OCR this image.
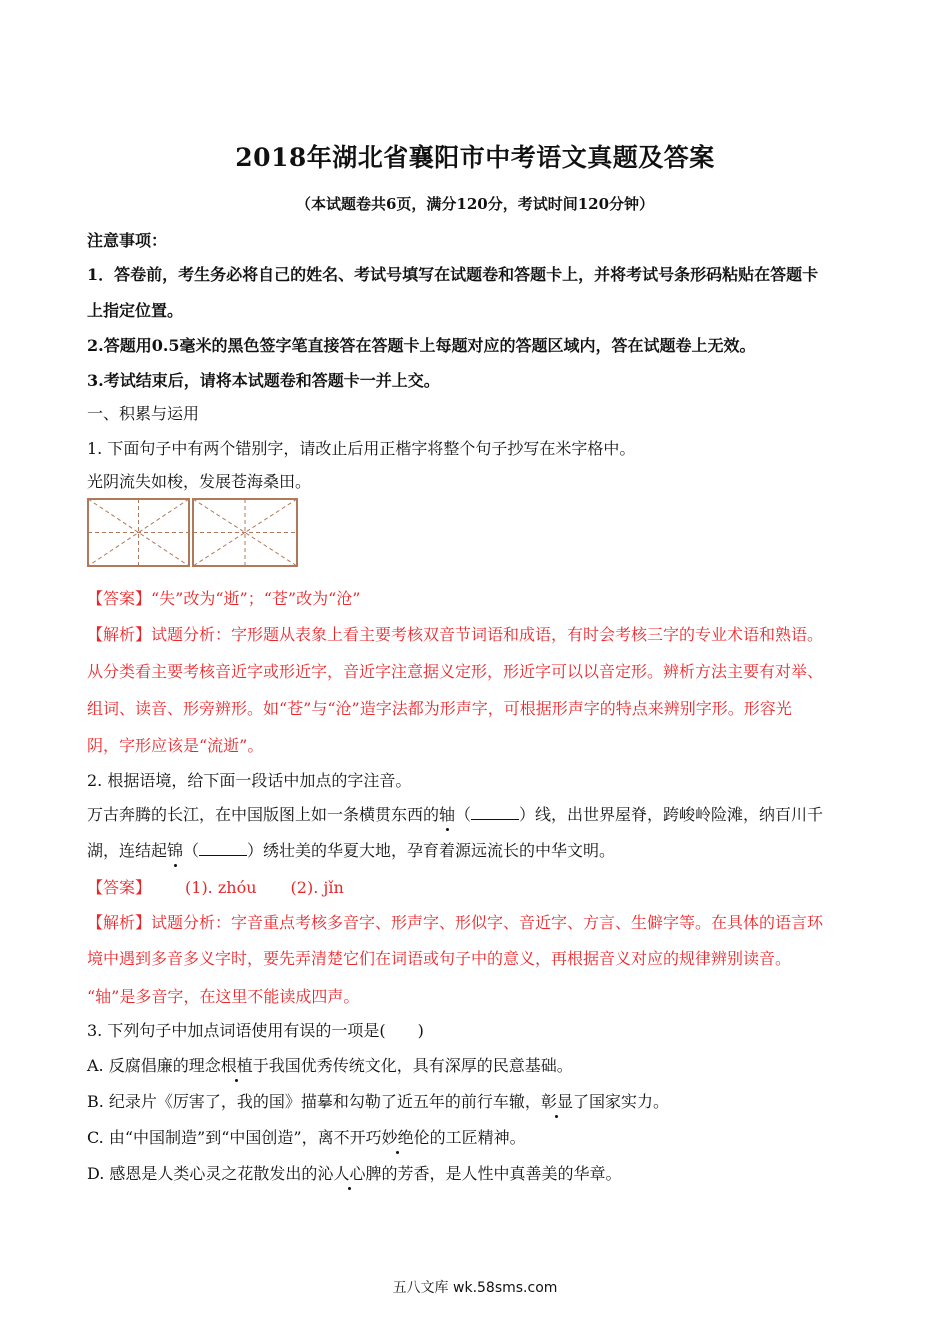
2018年湖北省襄阳市中考语文真题及答案
（本试题卷共6页，满分120分，考试时间120分钟）
注意事项：
1．答卷前，考生务必将自己的姓名、考试号填写在试题卷和答题卡上，并将考试号条形码粘贴在答题卡
上指定位置。
2.答题用0.5毫米的黑色签字笔直接答在答题卡上每题对应的答题区域内，答在试题卷上无效。
3.考试结束后，请将本试题卷和答题卡一并上交。
一、积累与运用
1. 下面句子中有两个错别字，请改止后用正楷字将整个句子抄写在米字格中。
光阴流失如梭，发展苍海桑田。
【答案】“失”改为“逝”；“苍”改为“沧”
【解析】试题分析：字形题从表象上看主要考核双音节词语和成语，有时会考核三字的专业术语和熟语。
从分类看主要考核音近字或形近字，音近字注意据义定形，形近字可以以音定形。辨析方法主要有对举、
组词、读音、形旁辨形。如“苍”与“沧”造字法都为形声字，可根据形声字的特点来辨别字形。形容光
阴，字形应该是“流逝”。
2. 根据语境，给下面一段话中加点的字注音。
万古奔腾的长江，在中国版图上如一条横贯东西的轴（	）线，出世界屋脊，跨峻岭险滩，纳百川千
湖，连结起锦（	）绣壮美的华夏大地，孕育着源远流长的中华文明。
【答案】 (1). zhóu (2). jǐn
【解析】试题分析：字音重点考核多音字、形声字、形似字、音近字、方言、生僻字等。在具体的语言环
境中遇到多音多义字时，要先弄清楚它们在词语或句子中的意义，再根据音义对应的规律辨别读音。
“轴”是多音字，在这里不能读成四声。
3. 下列句子中加点词语使用有误的一项是(　　)
A. 反腐倡廉的理念根植于我国优秀传统文化，具有深厚的民意基础。
B. 纪录片《厉害了，我的国》描摹和勾勒了近五年的前行车辙，彰显了国家实力。
C. 由“中国制造”到“中国创造”，离不开巧妙绝伦的工匠精神。
D. 感恩是人类心灵之花散发出的沁人心脾的芳香，是人性中真善美的华章。
五八文库 wk.58sms.com
